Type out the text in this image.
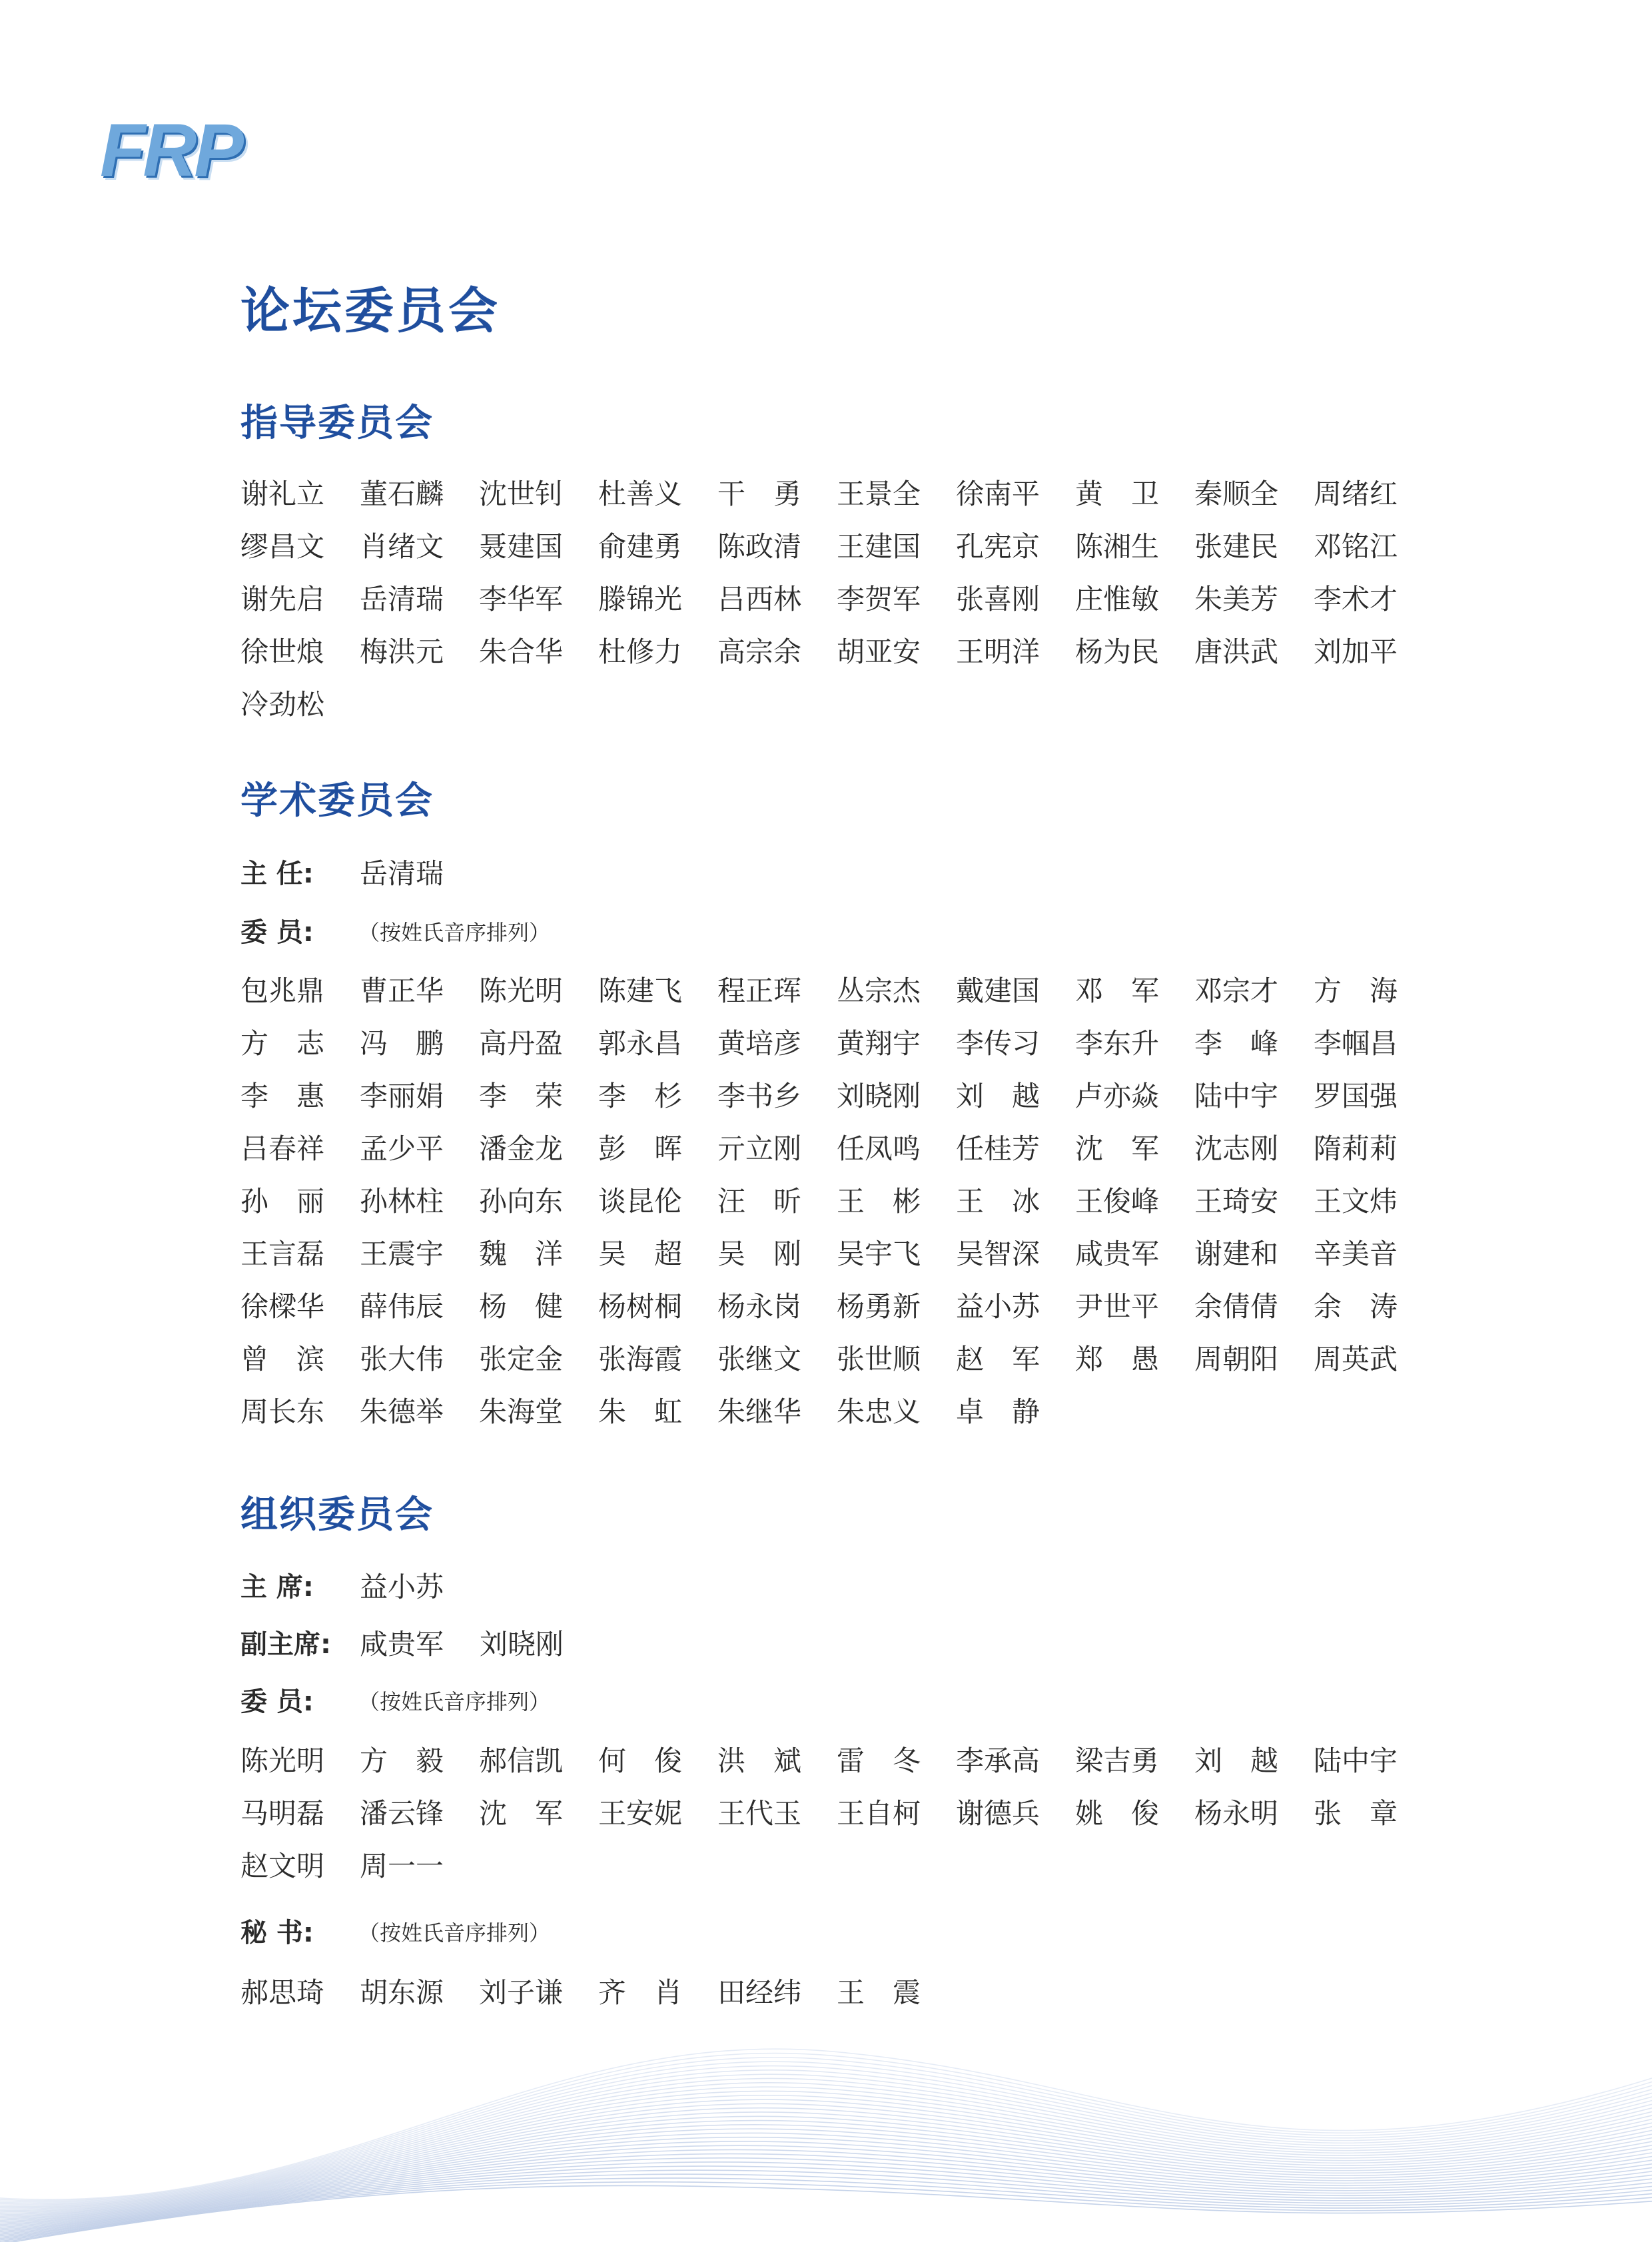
FRP
论坛委员会
指导委员会
谢礼立 董石麟 沈世钊 杜善义 干 勇 王景全 徐南平 黄 卫 秦顺全 周绪红
缪昌文 肖绪文 聂建国 俞建勇 陈政清 王建国 孔宪京 陈湘生 张建民 邓铭江
谢先启 岳清瑞 李华军 滕锦光 吕西林 李贺军 张喜刚 庄惟敏 朱美芳 李术才
徐世烺 梅洪元 朱合华 杜修力 高宗余 胡亚安 王明洋 杨为民 唐洪武 刘加平
冷劲松
学术委员会
主 任:	岳清瑞
委 员:	（按姓氏音序排列）
包兆鼎 曹正华 陈光明 陈建飞 程正珲 丛宗杰 戴建国 邓 军 邓宗才 方 海
方 志 冯 鹏 高丹盈 郭永昌 黄培彦 黄翔宇 李传习 李东升 李 峰 李帼昌
李 惠 李丽娟 李 荣 李 杉 李书乡 刘晓刚 刘 越 卢亦焱 陆中宇 罗国强
吕春祥 孟少平 潘金龙 彭 晖 亓立刚 任凤鸣 任桂芳 沈 军 沈志刚 隋莉莉
孙 丽 孙林柱 孙向东 谈昆伦 汪 昕 王 彬 王 冰 王俊峰 王琦安 王文炜
王言磊 王震宇 魏 洋 吴 超 吴 刚 吴宇飞 吴智深 咸贵军 谢建和 辛美音
徐樑华 薛伟辰 杨 健 杨树桐 杨永岗 杨勇新 益小苏 尹世平 余倩倩 余 涛
曾 滨 张大伟 张定金 张海霞 张继文 张世顺 赵 军 郑 愚 周朝阳 周英武
周长东 朱德举 朱海堂 朱 虹 朱继华 朱忠义 卓 静
组织委员会
主 席:	益小苏
副主席:	咸贵军 刘晓刚
委 员:	（按姓氏音序排列）
陈光明 方 毅 郝信凯 何 俊 洪 斌 雷 冬 李承高 梁吉勇 刘 越 陆中宇
马明磊 潘云锋 沈 军 王安妮 王代玉 王自柯 谢德兵 姚 俊 杨永明 张 章
赵文明 周一一
秘 书:	（按姓氏音序排列）
郝思琦 胡东源 刘子谦 齐 肖 田经纬 王 震
